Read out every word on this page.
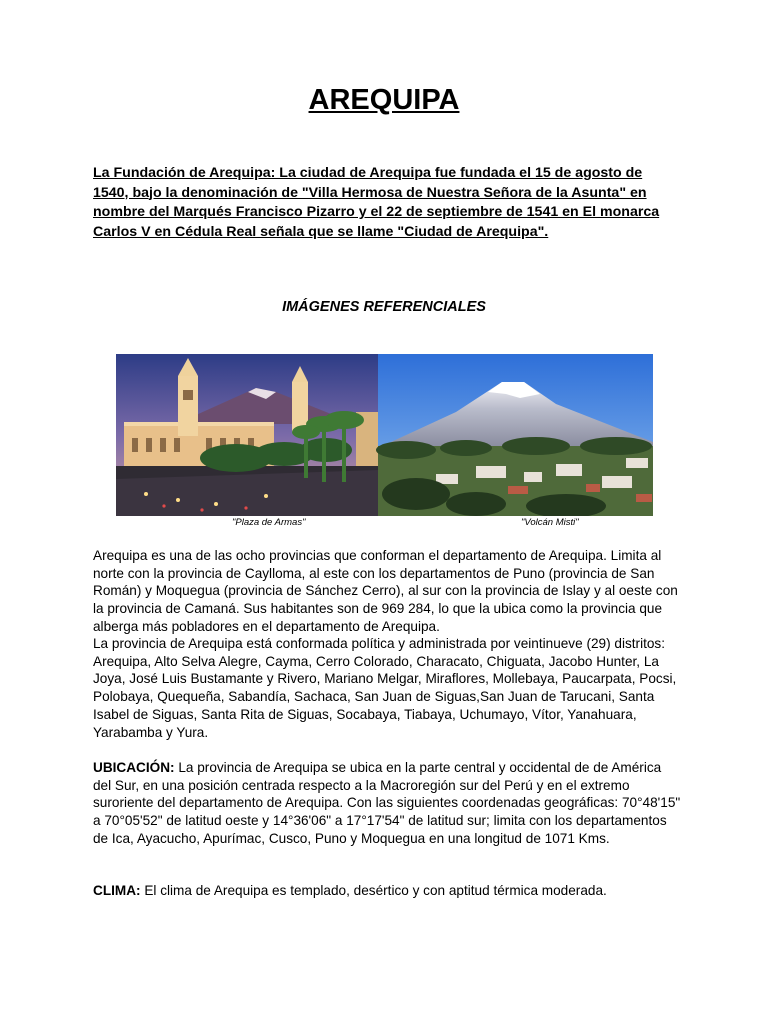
AREQUIPA
La Fundación de Arequipa: La ciudad de Arequipa fue fundada el 15 de agosto de 1540, bajo la denominación de "Villa Hermosa de Nuestra Señora de la Asunta" en nombre del Marqués Francisco Pizarro y el 22 de septiembre de 1541 en El monarca Carlos V en Cédula Real señala que se llame "Ciudad de Arequipa".
IMÁGENES REFERENCIALES
"Plaza de Armas"	"Volcán Misti"
Arequipa es una de las ocho provincias que conforman el departamento de Arequipa. Limita al norte con la provincia de Caylloma, al este con los departamentos de Puno (provincia de San Román) y Moquegua (provincia de Sánchez Cerro), al sur con la provincia de Islay y al oeste con la provincia de Camaná. Sus habitantes son de 969 284, lo que la ubica como la provincia que alberga más pobladores en el departamento de Arequipa.
La provincia de Arequipa está conformada política y administrada por veintinueve (29) distritos: Arequipa, Alto Selva Alegre, Cayma, Cerro Colorado, Characato, Chiguata, Jacobo Hunter, La Joya, José Luis Bustamante y Rivero, Mariano Melgar, Miraflores, Mollebaya, Paucarpata, Pocsi, Polobaya, Quequeña, Sabandía, Sachaca, San Juan de Siguas,San Juan de Tarucani, Santa Isabel de Siguas, Santa Rita de Siguas, Socabaya, Tiabaya, Uchumayo, Vítor, Yanahuara, Yarabamba y Yura.

UBICACIÓN: La provincia de Arequipa se ubica en la parte central y occidental de de América del Sur, en una posición centrada respecto a la Macroregión sur del Perú y en el extremo suroriente del departamento de Arequipa. Con las siguientes coordenadas geográficas: 70°48'15" a 70°05'52" de latitud oeste y 14°36'06" a 17°17'54" de latitud sur; limita con los departamentos de Ica, Ayacucho, Apurímac, Cusco, Puno y Moquegua en una longitud de 1071 Kms.

CLIMA: El clima de Arequipa es templado, desértico y con aptitud térmica moderada.
